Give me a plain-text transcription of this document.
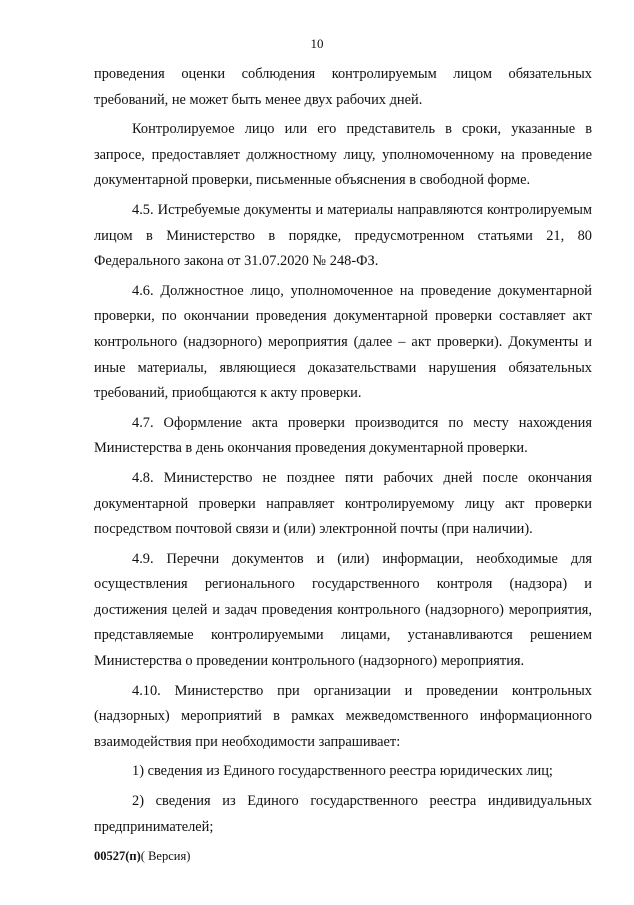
10

проведения оценки соблюдения контролируемым лицом обязательных требований, не может быть менее двух рабочих дней.

Контролируемое лицо или его представитель в сроки, указанные в запросе, предоставляет должностному лицу, уполномоченному на проведение документарной проверки, письменные объяснения в свободной форме.

4.5. Истребуемые документы и материалы направляются контролируемым лицом в Министерство в порядке, предусмотренном статьями 21, 80 Федерального закона от 31.07.2020 № 248-ФЗ.

4.6. Должностное лицо, уполномоченное на проведение документарной проверки, по окончании проведения документарной проверки составляет акт контрольного (надзорного) мероприятия (далее – акт проверки). Документы и иные материалы, являющиеся доказательствами нарушения обязательных требований, приобщаются к акту проверки.

4.7. Оформление акта проверки производится по месту нахождения Министерства в день окончания проведения документарной проверки.

4.8. Министерство не позднее пяти рабочих дней после окончания документарной проверки направляет контролируемому лицу акт проверки посредством почтовой связи и (или) электронной почты (при наличии).

4.9. Перечни документов и (или) информации, необходимые для осуществления регионального государственного контроля (надзора) и достижения целей и задач проведения контрольного (надзорного) мероприятия, представляемые контролируемыми лицами, устанавливаются решением Министерства о проведении контрольного (надзорного) мероприятия.

4.10. Министерство при организации и проведении контрольных (надзорных) мероприятий в рамках межведомственного информационного взаимодействия при необходимости запрашивает:

1) сведения из Единого государственного реестра юридических лиц;

2) сведения из Единого государственного реестра индивидуальных предпринимателей;

00527(п)( Версия)
